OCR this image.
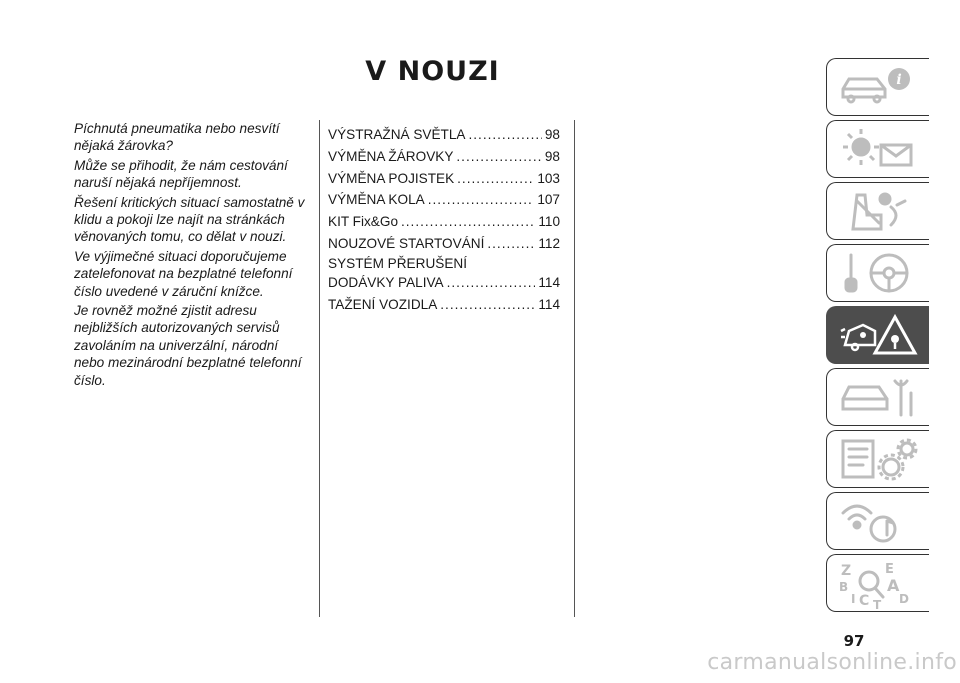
V NOUZI

Píchnutá pneumatika nebo nesvítí nějaká žárovka?

Může se přihodit, že nám cestování naruší nějaká nepříjemnost.

Řešení kritických situací samostatně v klidu a pokoji lze najít na stránkách věnovaných tomu, co dělat v nouzi.

Ve výjimečné situaci doporučujeme zatelefonovat na bezplatné telefonní číslo uvedené v záruční knížce.

Je rovněž možné zjistit adresu nejbližších autorizovaných servisů zavoláním na univerzální, národní nebo mezinárodní bezplatné telefonní číslo.

VÝSTRAŽNÁ SVĚTLA .....	98
VÝMĚNA ŽÁROVKY .....	98
VÝMĚNA POJISTEK .....	103
VÝMĚNA KOLA .....	107
KIT Fix&Go .....	110
NOUZOVÉ STARTOVÁNÍ .....	112
SYSTÉM PŘERUŠENÍ
DODÁVKY PALIVA .....	114
TAŽENÍ VOZIDLA .....	114
i
Z	E
A
B
I C T D
97
carmanualsonline.info
